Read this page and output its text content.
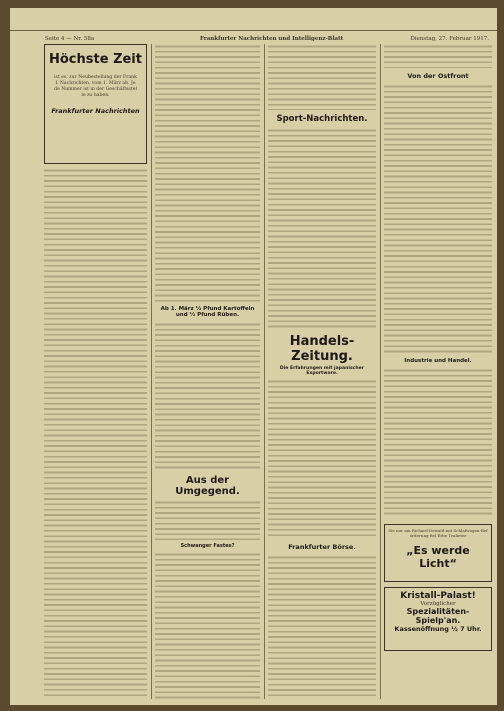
Seite 4 — Nr. 58a	Frankfurter Nachrichten und Intelligenz-Blatt	Dienstag, 27. Februar 1917.
Höchste Zeit
ist es, zur Neubestellung der Frankf. Nachrichten, vom 1. März ab. Jede Nummer ist in der Geschäftsstelle zu haben.
Frankfurter Nachrichten
Ab 1. März ½ Pfund Kartoffeln und ½ Pfund Rüben.
Aus der Umgegend.
Schwanger Fastes?
Sport-Nachrichten.
Handels-Zeitung.
Die Erfahrungen mit japanischer Exportware.
Frankfurter Börse.
Von der Ostfront
Industrie und Handel.
Sie nur am Richard Dewald mit Schlafwagen-Beförderung fiel Erbe Tralieter
„Es werde Licht“
Kristall-Palast!
Vorzüglicher
Spezialitäten-Spielp'an.
Kassenöffnung ½ 7 Uhr.
